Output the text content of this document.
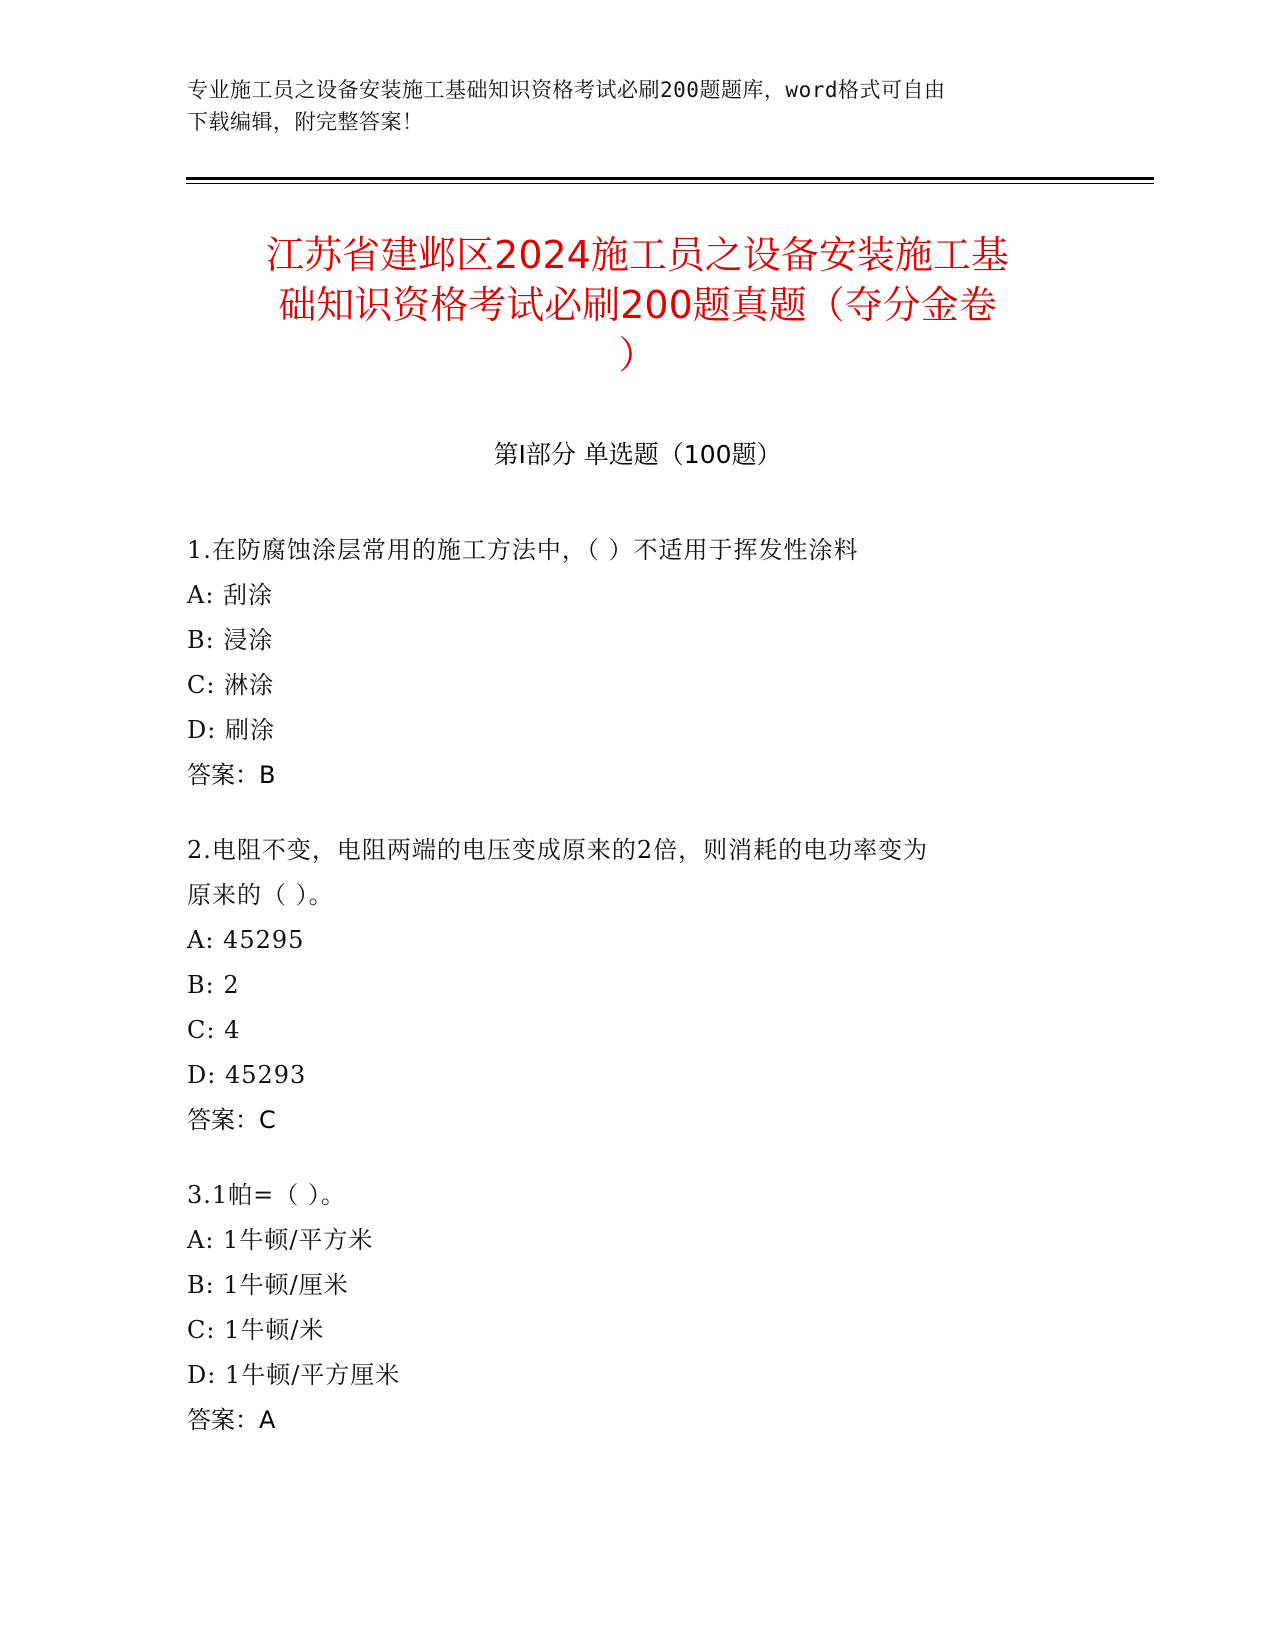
专业施工员之设备安装施工基础知识资格考试必刷200题题库，word格式可自由
下载编辑，附完整答案！
江苏省建邺区2024施工员之设备安装施工基
础知识资格考试必刷200题真题（夺分金卷
）
第Ⅰ部分 单选题（100题）
1.在防腐蚀涂层常用的施工方法中，（ ）不适用于挥发性涂料
A: 刮涂
B: 浸涂
C: 淋涂
D: 刷涂
答案：B
2.电阻不变，电阻两端的电压变成原来的2倍，则消耗的电功率变为
原来的（ ）。
A: 45295
B: 2
C: 4
D: 45293
答案：C
3.1帕=（ ）。
A: 1牛顿/平方米
B: 1牛顿/厘米
C: 1牛顿/米
D: 1牛顿/平方厘米
答案：A
